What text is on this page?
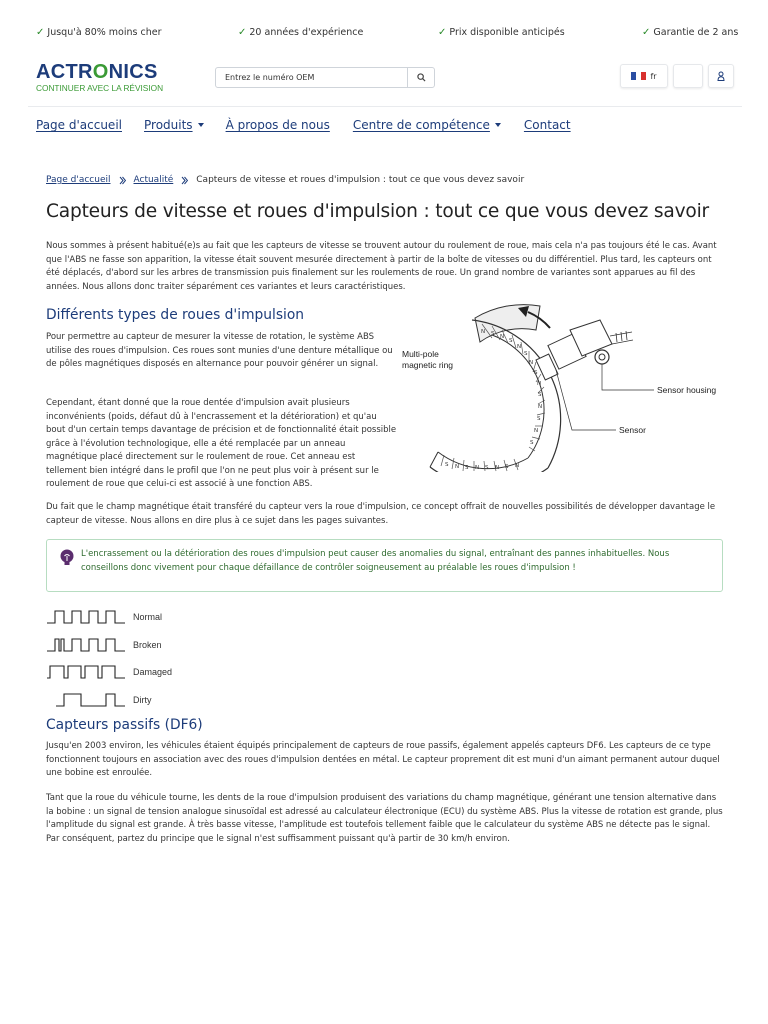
✓ Jusqu'à 80% moins cher	✓ 20 années d'expérience	✓ Prix disponible anticipés	✓ Garantie de 2 ans
ACTRONICS
CONTINUER AVEC LA RÉVISION
Entrez le numéro OEM
fr
Page d'accueil Produits	À propos de nous Centre de compétence	Contact
Page d'accueil	Actualité	Capteurs de vitesse et roues d'impulsion : tout ce que vous devez savoir
Capteurs de vitesse et roues d'impulsion : tout ce que vous devez savoir

Nous sommes à présent habitué(e)s au fait que les capteurs de vitesse se trouvent autour du roulement de roue, mais cela n'a pas toujours été le cas. Avant que l'ABS ne fasse son apparition, la vitesse était souvent mesurée directement à partir de la boîte de vitesses ou du différentiel. Plus tard, les capteurs ont été déplacés, d'abord sur les arbres de transmission puis finalement sur les roulements de roue. Un grand nombre de variantes sont apparues au fil des années. Nous allons donc traiter séparément ces variantes et leurs caractéristiques.

Différents types de roues d'impulsion

Pour permettre au capteur de mesurer la vitesse de rotation, le système ABS utilise des roues d'impulsion. Ces roues sont munies d'une denture métallique ou de pôles magnétiques disposés en alternance pour pouvoir générer un signal.

Cependant, étant donné que la roue dentée d'impulsion avait plusieurs inconvénients (poids, défaut dû à l'encrassement et la détérioration) et qu'au bout d'un certain temps davantage de précision et de fonctionnalité était possible grâce à l'évolution technologique, elle a été remplacée par un anneau magnétique placé directement sur le roulement de roue. Cet anneau est tellement bien intégré dans le profil que l'on ne peut plus voir à présent sur le roulement de roue que celui-ci est associé à une fonction ABS.

N S N
S
N
S
N
S
N
S
N
S
N
S
S N S N S N S N
Multi-pole
magnetic ring
Sensor housing
Sensor

Du fait que le champ magnétique était transféré du capteur vers la roue d'impulsion, ce concept offrait de nouvelles possibilités de développer davantage le capteur de vitesse. Nous allons en dire plus à ce sujet dans les pages suivantes.

L'encrassement ou la détérioration des roues d'impulsion peut causer des anomalies du signal, entraînant des pannes inhabituelles. Nous conseillons donc vivement pour chaque défaillance de contrôler soigneusement au préalable les roues d'impulsion !
Normal
Broken
Damaged
Dirty
Capteurs passifs (DF6)

Jusqu'en 2003 environ, les véhicules étaient équipés principalement de capteurs de roue passifs, également appelés capteurs DF6. Les capteurs de ce type fonctionnent toujours en association avec des roues d'impulsion dentées en métal. Le capteur proprement dit est muni d'un aimant permanent autour duquel une bobine est enroulée.

Tant que la roue du véhicule tourne, les dents de la roue d'impulsion produisent des variations du champ magnétique, générant une tension alternative dans la bobine : un signal de tension analogue sinusoïdal est adressé au calculateur électronique (ECU) du système ABS. Plus la vitesse de rotation est grande, plus l'amplitude du signal est grande. À très basse vitesse, l'amplitude est toutefois tellement faible que le calculateur du système ABS ne détecte pas le signal. Par conséquent, partez du principe que le signal n'est suffisamment puissant qu'à partir de 30 km/h environ.
